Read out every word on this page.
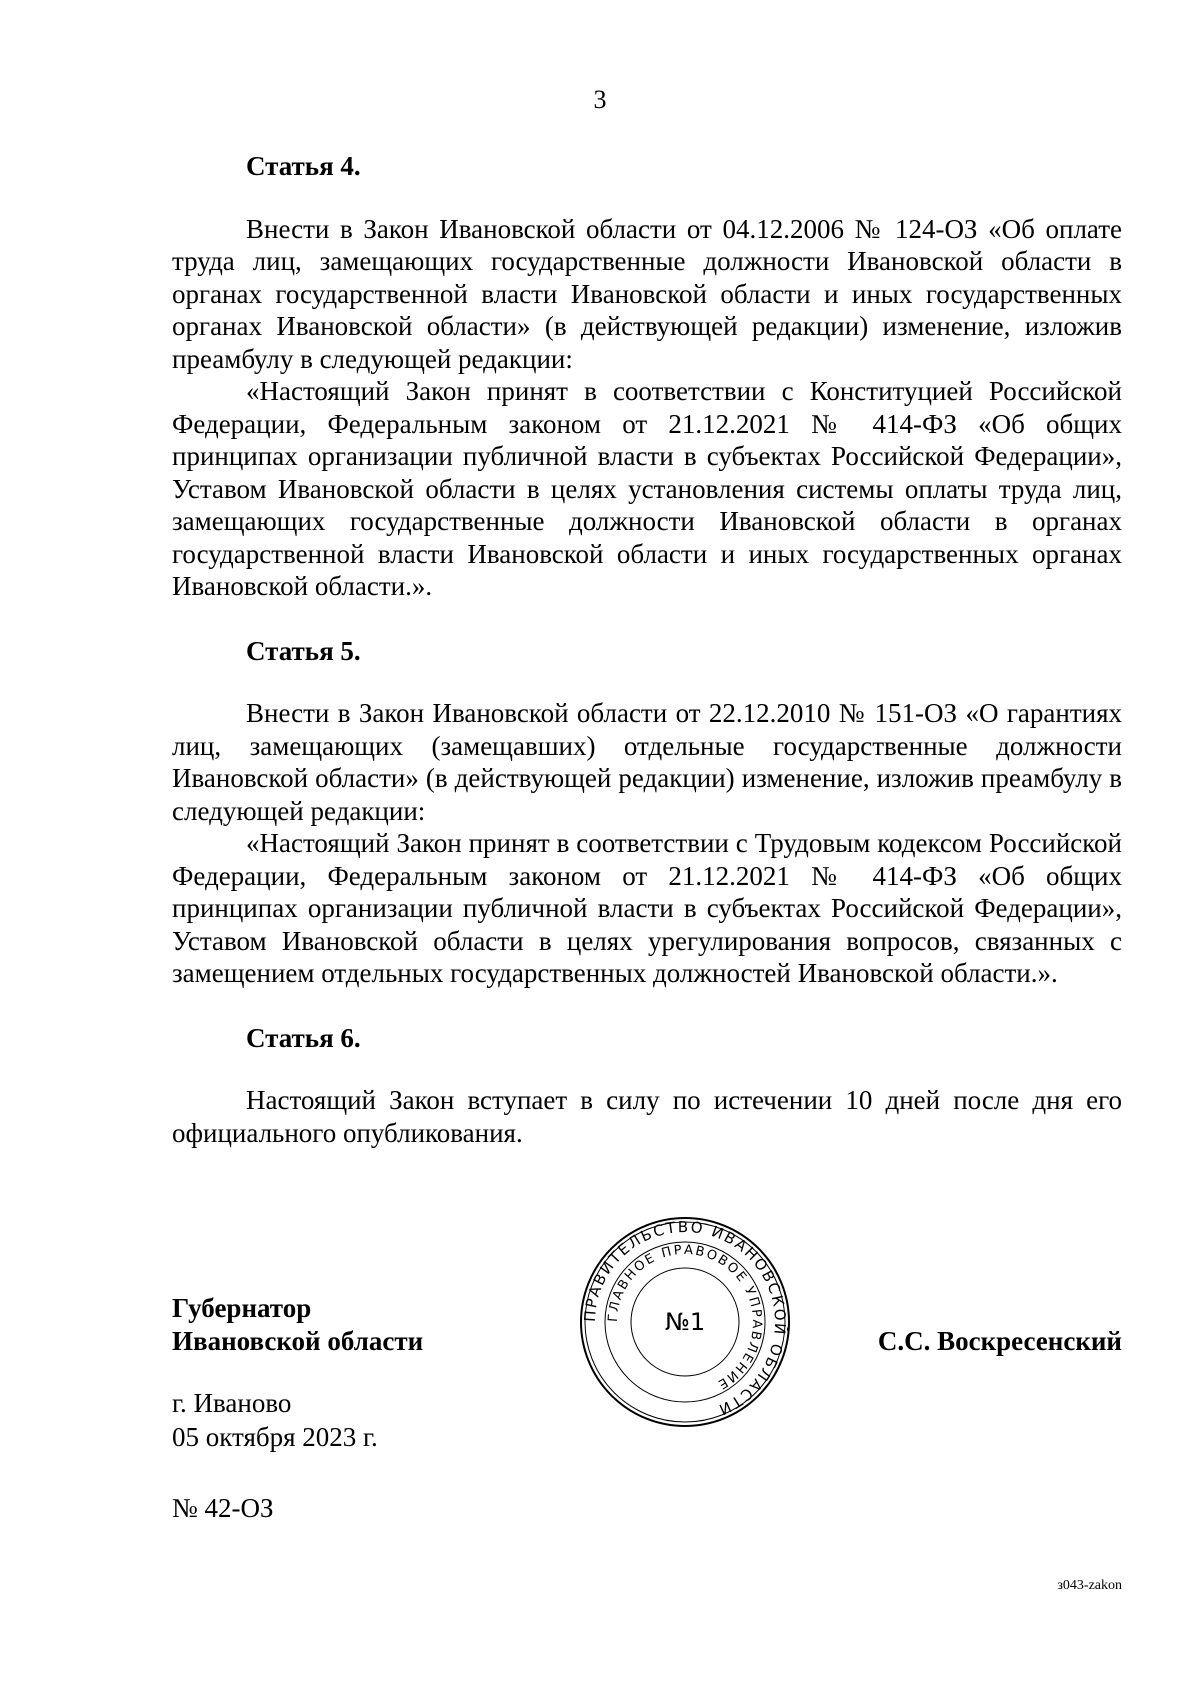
3

Статья 4.

Внести в Закон Ивановской области от 04.12.2006 № 124-ОЗ «Об оплате труда лиц, замещающих государственные должности Ивановской области в органах государственной власти Ивановской области и иных государственных органах Ивановской области» (в действующей редакции) изменение, изложив преамбулу в следующей редакции:

«Настоящий Закон принят в соответствии с Конституцией Российской Федерации, Федеральным законом от 21.12.2021 № 414-ФЗ «Об общих принципах организации публичной власти в субъектах Российской Федерации», Уставом Ивановской области в целях установления системы оплаты труда лиц, замещающих государственные должности Ивановской области в органах государственной власти Ивановской области и иных государственных органах Ивановской области.».

Статья 5.

Внести в Закон Ивановской области от 22.12.2010 № 151-ОЗ «О гарантиях лиц, замещающих (замещавших) отдельные государственные должности Ивановской области» (в действующей редакции) изменение, изложив преамбулу в следующей редакции:

«Настоящий Закон принят в соответствии с Трудовым кодексом Российской Федерации, Федеральным законом от 21.12.2021 № 414-ФЗ «Об общих принципах организации публичной власти в субъектах Российской Федерации», Уставом Ивановской области в целях урегулирования вопросов, связанных с замещением отдельных государственных должностей Ивановской области.».

Статья 6.

Настоящий Закон вступает в силу по истечении 10 дней после дня его официального опубликования.

ПРАВИТЕЛЬСТВО ИВАНОВСКОЙ ОБЛАСТИ
ГЛАВНОЕ ПРАВОВОЕ УПРАВЛЕНИЕ
№1
Губернатор
Ивановской области	С.С. Воскресенский
г. Иваново
05 октября 2023 г.
№ 42-ОЗ
з043-zakon
